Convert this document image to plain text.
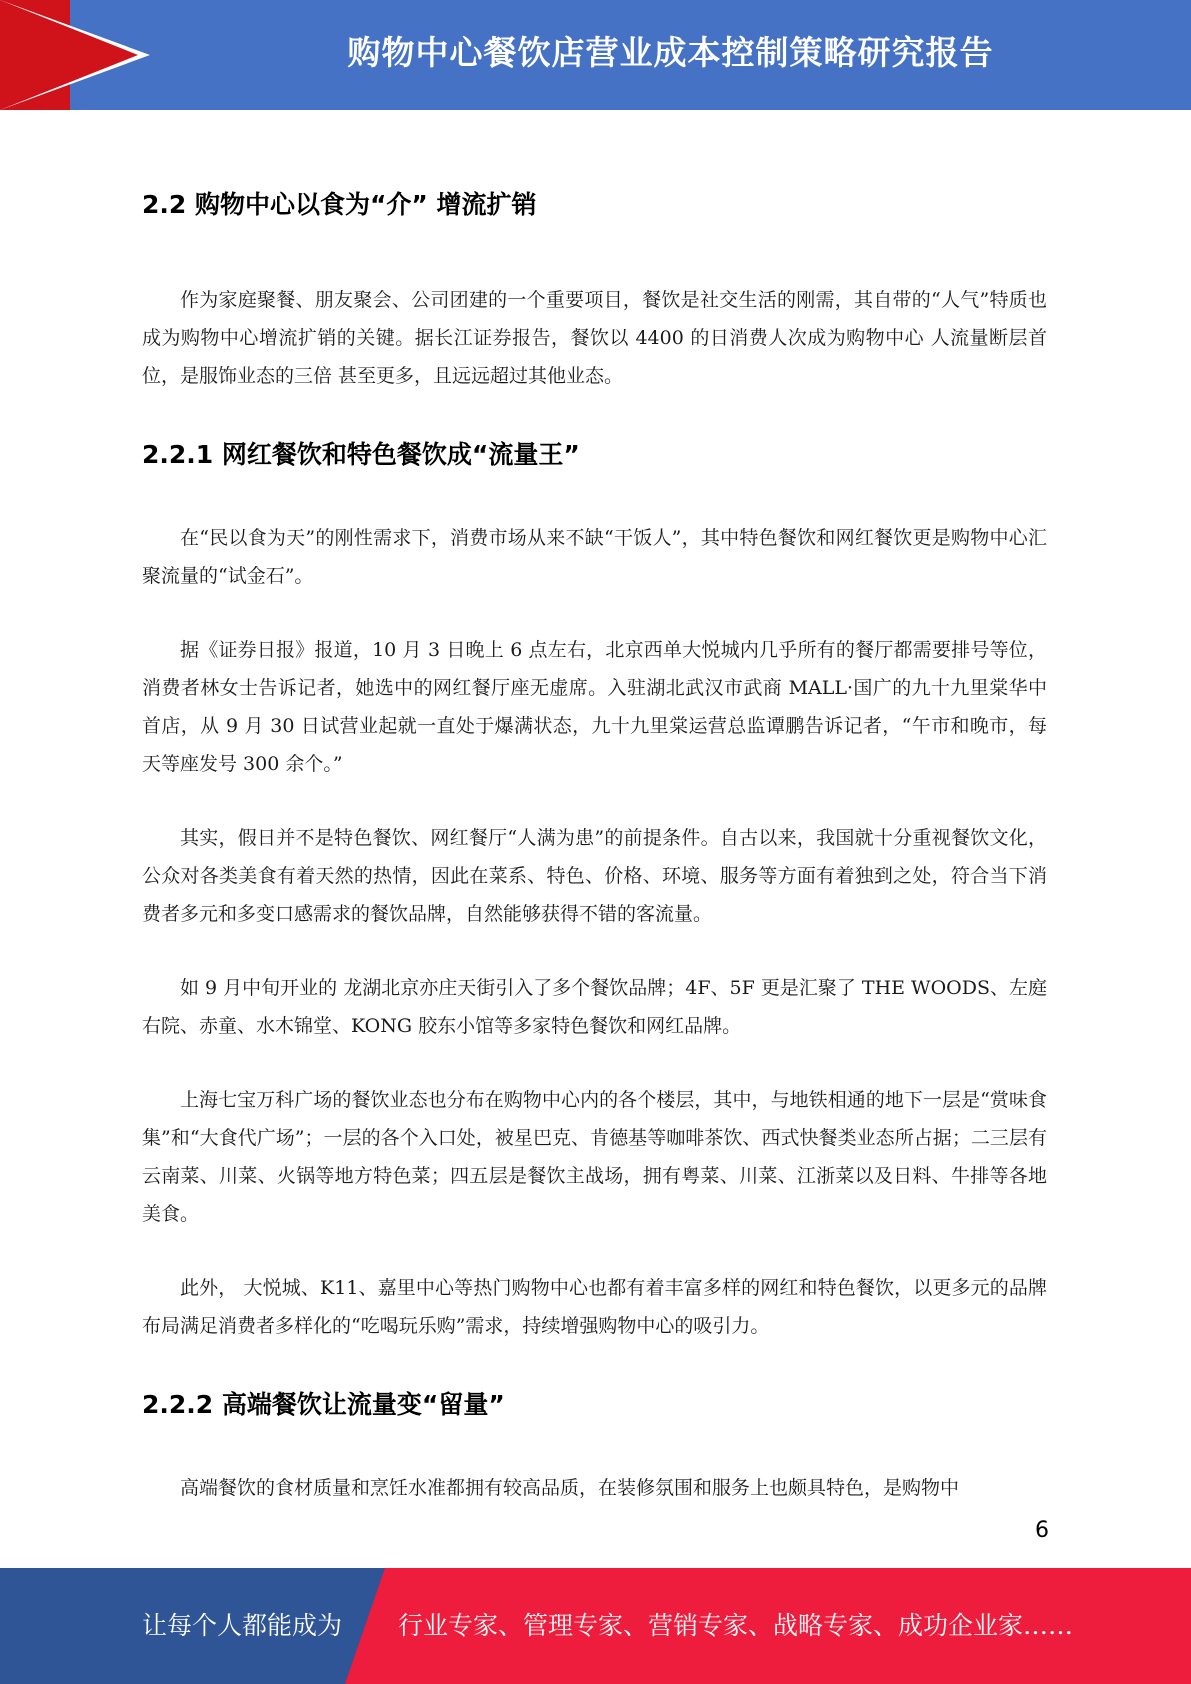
购物中心餐饮店营业成本控制策略研究报告
2.2 购物中心以食为“介” 增流扩销

作为家庭聚餐、朋友聚会、公司团建的一个重要项目，餐饮是社交生活的刚需，其自带的“人气”特质也成为购物中心增流扩销的关键。据长江证券报告，餐饮以 4400 的日消费人次成为购物中心 人流量断层首位，是服饰业态的三倍 甚至更多，且远远超过其他业态。

2.2.1 网红餐饮和特色餐饮成“流量王”

在“民以食为天”的刚性需求下，消费市场从来不缺“干饭人”，其中特色餐饮和网红餐饮更是购物中心汇聚流量的“试金石”。

据《证券日报》报道，10 月 3 日晚上 6 点左右，北京西单大悦城内几乎所有的餐厅都需要排号等位，消费者林女士告诉记者，她选中的网红餐厅座无虚席。入驻湖北武汉市武商 MALL·国广的九十九里棠华中首店，从 9 月 30 日试营业起就一直处于爆满状态，九十九里棠运营总监谭鹏告诉记者，“午市和晚市，每天等座发号 300 余个。”

其实，假日并不是特色餐饮、网红餐厅“人满为患”的前提条件。自古以来，我国就十分重视餐饮文化，公众对各类美食有着天然的热情，因此在菜系、特色、价格、环境、服务等方面有着独到之处，符合当下消费者多元和多变口感需求的餐饮品牌，自然能够获得不错的客流量。

如 9 月中旬开业的 龙湖北京亦庄天街引入了多个餐饮品牌；4F、5F 更是汇聚了 THE WOODS、左庭右院、赤童、水木锦堂、KONG 胶东小馆等多家特色餐饮和网红品牌。

上海七宝万科广场的餐饮业态也分布在购物中心内的各个楼层，其中，与地铁相通的地下一层是“赏味食集”和“大食代广场”；一层的各个入口处，被星巴克、肯德基等咖啡茶饮、西式快餐类业态所占据；二三层有云南菜、川菜、火锅等地方特色菜；四五层是餐饮主战场，拥有粤菜、川菜、江浙菜以及日料、牛排等各地美食。

此外， 大悦城、K11、嘉里中心等热门购物中心也都有着丰富多样的网红和特色餐饮，以更多元的品牌布局满足消费者多样化的“吃喝玩乐购”需求，持续增强购物中心的吸引力。

2.2.2 高端餐饮让流量变“留量”

高端餐饮的食材质量和烹饪水准都拥有较高品质，在装修氛围和服务上也颇具特色，是购物中

6
让每个人都能成为 行业专家、管理专家、营销专家、战略专家、成功企业家……
